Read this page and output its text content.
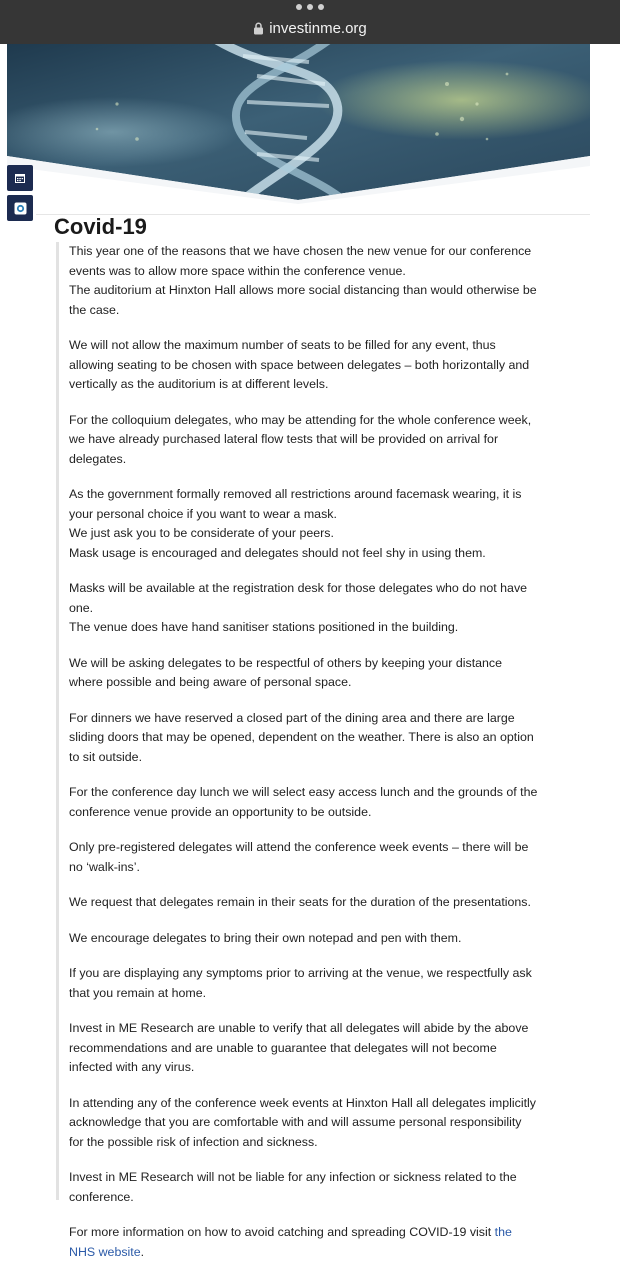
investinme.org
Covid-19

This year one of the reasons that we have chosen the new venue for our conference events was to allow more space within the conference venue.
The auditorium at Hinxton Hall allows more social distancing than would otherwise be the case.

We will not allow the maximum number of seats to be filled for any event, thus allowing seating to be chosen with space between delegates – both horizontally and vertically as the auditorium is at different levels.

For the colloquium delegates, who may be attending for the whole conference week, we have already purchased lateral flow tests that will be provided on arrival for delegates.

As the government formally removed all restrictions around facemask wearing, it is your personal choice if you want to wear a mask.
We just ask you to be considerate of your peers.
Mask usage is encouraged and delegates should not feel shy in using them.

Masks will be available at the registration desk for those delegates who do not have one.
The venue does have hand sanitiser stations positioned in the building.

We will be asking delegates to be respectful of others by keeping your distance where possible and being aware of personal space.

For dinners we have reserved a closed part of the dining area and there are large sliding doors that may be opened, dependent on the weather. There is also an option to sit outside.

For the conference day lunch we will select easy access lunch and the grounds of the conference venue provide an opportunity to be outside.

Only pre-registered delegates will attend the conference week events – there will be no ‘walk-ins’.

We request that delegates remain in their seats for the duration of the presentations.

We encourage delegates to bring their own notepad and pen with them.

If you are displaying any symptoms prior to arriving at the venue, we respectfully ask that you remain at home.

Invest in ME Research are unable to verify that all delegates will abide by the above recommendations and are unable to guarantee that delegates will not become infected with any virus.

In attending any of the conference week events at Hinxton Hall all delegates implicitly acknowledge that you are comfortable with and will assume personal responsibility for the possible risk of infection and sickness.

Invest in ME Research will not be liable for any infection or sickness related to the conference.

For more information on how to avoid catching and spreading COVID-19 visit the NHS website.
